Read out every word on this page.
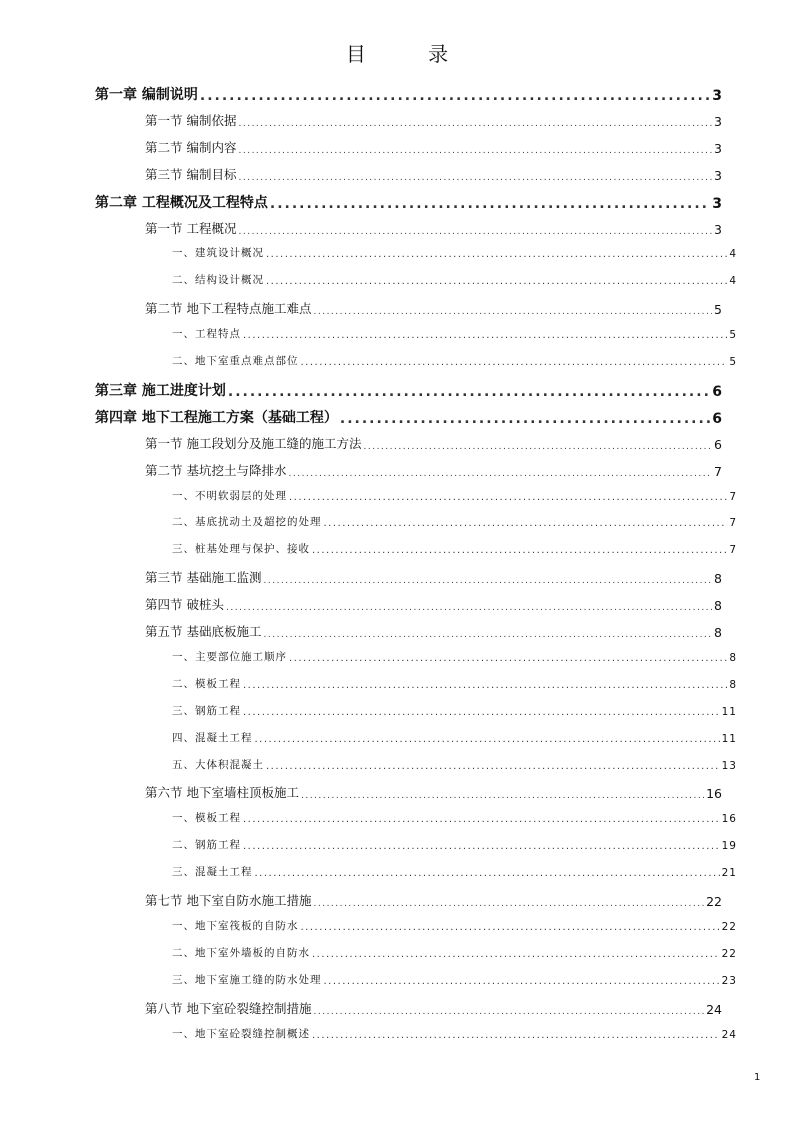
目 录
第一章 编制说明 .....	3
第一节 编制依据 .....	3
第二节 编制内容 .....	3
第三节 编制目标 .....	3
第二章 工程概况及工程特点 .....	3
第一节 工程概况 .....	3
一、建筑设计概况 .....	4
二、结构设计概况 .....	4
第二节 地下工程特点施工难点 .....	5
一、工程特点 .....	5
二、地下室重点难点部位 .....	5
第三章 施工进度计划 .....	6
第四章 地下工程施工方案（基础工程） .....	6
第一节 施工段划分及施工缝的施工方法 .....	6
第二节 基坑挖土与降排水 .....	7
一、不明软弱层的处理 .....	7
二、基底扰动土及超挖的处理 .....	7
三、桩基处理与保护、接收 .....	7
第三节 基础施工监测 .....	8
第四节 破桩头 .....	8
第五节 基础底板施工 .....	8
一、主要部位施工顺序 .....	8
二、模板工程 .....	8
三、钢筋工程 .....	11
四、混凝土工程 .....	11
五、大体积混凝土 .....	13
第六节 地下室墙柱顶板施工 .....	16
一、模板工程 .....	16
二、钢筋工程 .....	19
三、混凝土工程 .....	21
第七节 地下室自防水施工措施 .....	22
一、地下室筏板的自防水 .....	22
二、地下室外墙板的自防水 .....	22
三、地下室施工缝的防水处理 .....	23
第八节 地下室砼裂缝控制措施 .....	24
一、地下室砼裂缝控制概述 .....	24
1
